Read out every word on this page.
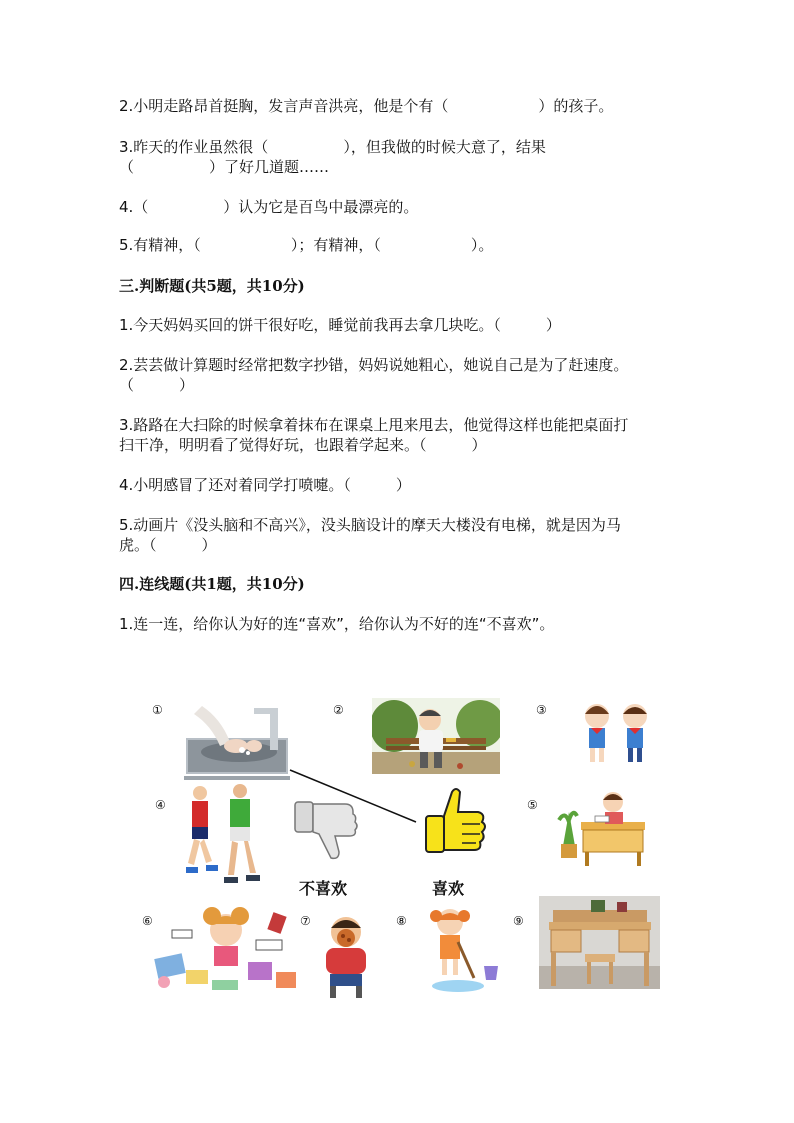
2.小明走路昂首挺胸，发言声音洪亮，他是个有（　　　　　　）的孩子。
3.昨天的作业虽然很（　　　　　），但我做的时候大意了，结果
（　　　　　）了好几道题……
4.（　　　　　）认为它是百鸟中最漂亮的。
5.有精神，（　　　　　　）；有精神，（　　　　　　）。
三.判断题(共5题，共10分)
1.今天妈妈买回的饼干很好吃，睡觉前我再去拿几块吃。（　　　）
2.芸芸做计算题时经常把数字抄错，妈妈说她粗心，她说自己是为了赶速度。
（　　　）
3.路路在大扫除的时候拿着抹布在课桌上甩来甩去，他觉得这样也能把桌面打
扫干净，明明看了觉得好玩，也跟着学起来。（　　　）
4.小明感冒了还对着同学打喷嚏。（　　　）
5.动画片《没头脑和不高兴》，没头脑设计的摩天大楼没有电梯，就是因为马
虎。（　　　）
四.连线题(共1题，共10分)
1.连一连，给你认为好的连“喜欢”，给你认为不好的连“不喜欢”。
①	②	③
④	⑤
⑥	⑦	⑧	⑨
不喜欢	喜欢
